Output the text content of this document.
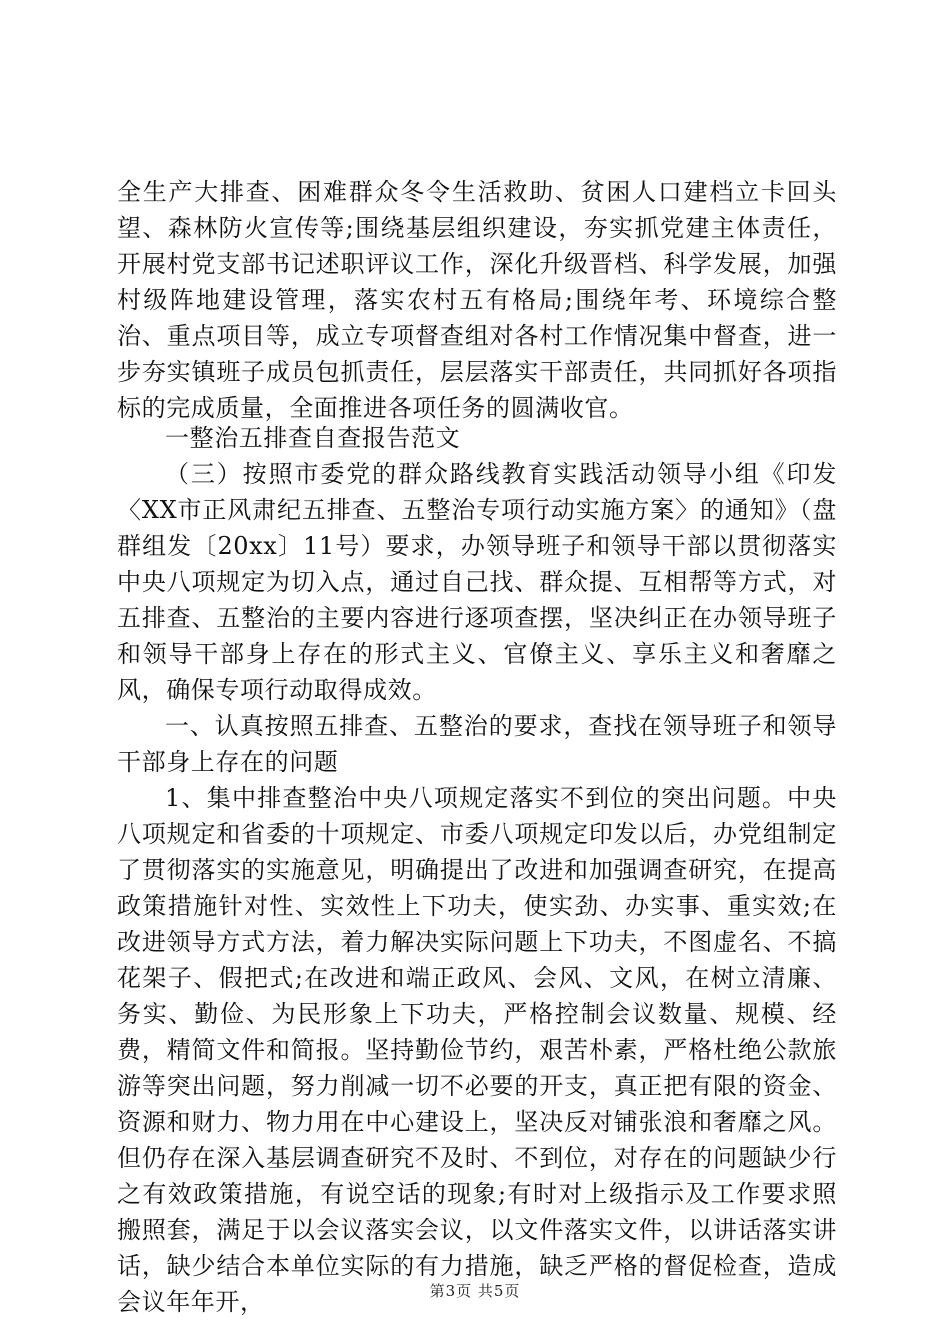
全生产大排查、困难群众冬令生活救助、贫困人口建档立卡回头望、森林防火宣传等;围绕基层组织建设，夯实抓党建主体责任，开展村党支部书记述职评议工作，深化升级晋档、科学发展，加强村级阵地建设管理，落实农村五有格局;围绕年考、环境综合整治、重点项目等，成立专项督查组对各村工作情况集中督查，进一步夯实镇班子成员包抓责任，层层落实干部责任，共同抓好各项指标的完成质量，全面推进各项任务的圆满收官。

一整治五排查自查报告范文

（三）按照市委党的群众路线教育实践活动领导小组《印发〈XX市正风肃纪五排查、五整治专项行动实施方案〉的通知》（盘群组发〔20xx〕11号）要求，办领导班子和领导干部以贯彻落实中央八项规定为切入点，通过自己找、群众提、互相帮等方式，对五排查、五整治的主要内容进行逐项查摆，坚决纠正在办领导班子和领导干部身上存在的形式主义、官僚主义、享乐主义和奢靡之风，确保专项行动取得成效。

一、认真按照五排查、五整治的要求，查找在领导班子和领导干部身上存在的问题

1、集中排查整治中央八项规定落实不到位的突出问题。中央八项规定和省委的十项规定、市委八项规定印发以后，办党组制定了贯彻落实的实施意见，明确提出了改进和加强调查研究，在提高政策措施针对性、实效性上下功夫，使实劲、办实事、重实效;在改进领导方式方法，着力解决实际问题上下功夫，不图虚名、不搞花架子、假把式;在改进和端正政风、会风、文风，在树立清廉、务实、勤俭、为民形象上下功夫，严格控制会议数量、规模、经费，精简文件和简报。坚持勤俭节约，艰苦朴素，严格杜绝公款旅游等突出问题，努力削减一切不必要的开支，真正把有限的资金、资源和财力、物力用在中心建设上，坚决反对铺张浪和奢靡之风。但仍存在深入基层调查研究不及时、不到位，对存在的问题缺少行之有效政策措施，有说空话的现象;有时对上级指示及工作要求照搬照套，满足于以会议落实会议，以文件落实文件，以讲话落实讲话，缺少结合本单位实际的有力措施，缺乏严格的督促检查，造成会议年年开，	第3页 共5页
